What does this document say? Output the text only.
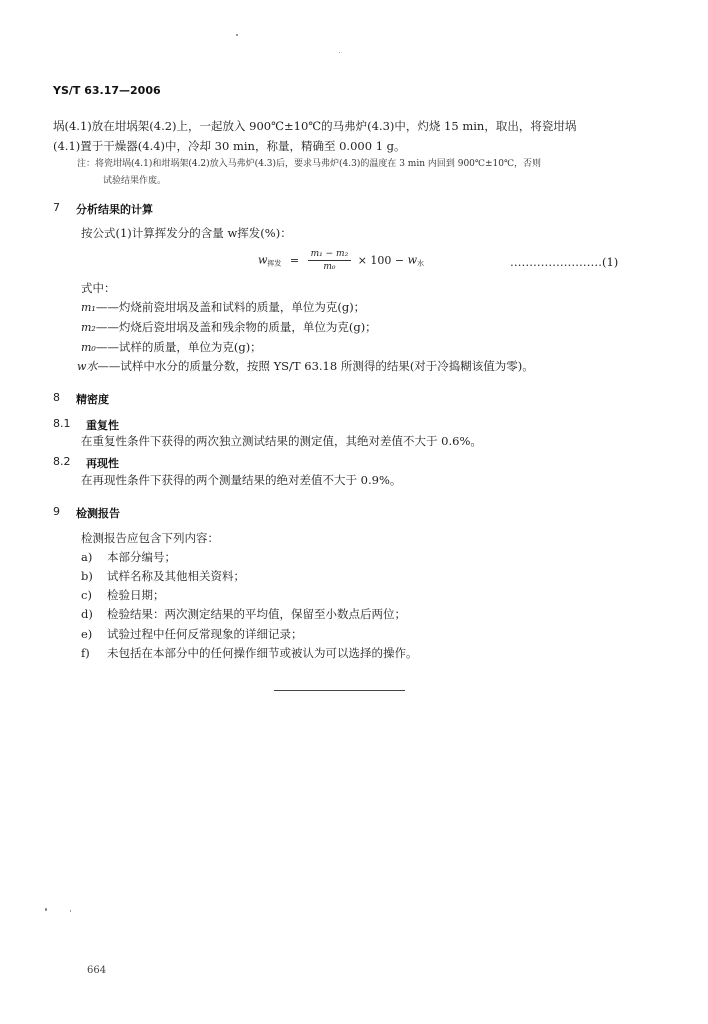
YS/T 63.17—2006
埚(4.1)放在坩埚架(4.2)上，一起放入 900℃±10℃的马弗炉(4.3)中，灼烧 15 min，取出，将瓷坩埚
(4.1)置于干燥器(4.4)中，冷却 30 min，称量，精确至 0.000 1 g。
注：将瓷坩埚(4.1)和坩埚架(4.2)放入马弗炉(4.3)后，要求马弗炉(4.3)的温度在 3 min 内回到 900℃±10℃，否则
试验结果作废。
7 分析结果的计算
按公式(1)计算挥发分的含量 w挥发(%)：
$w_{挥发} = \frac{\text{m₁ − m₂}}{\text{m₀}} \times 100 - w_水$	……………………(1)
式中：
m₁——灼烧前瓷坩埚及盖和试料的质量，单位为克(g)；
m₂——灼烧后瓷坩埚及盖和残余物的质量，单位为克(g)；
m₀——试样的质量，单位为克(g)；
w水——试样中水分的质量分数，按照 YS/T 63.18 所测得的结果(对于冷捣糊该值为零)。
8 精密度
8.1 重复性
在重复性条件下获得的两次独立测试结果的测定值，其绝对差值不大于 0.6%。
8.2 再现性
在再现性条件下获得的两个测量结果的绝对差值不大于 0.9%。
9 检测报告
检测报告应包含下列内容：
a) 本部分编号；
b) 试样名称及其他相关资料；
c) 检验日期；
d) 检验结果：两次测定结果的平均值，保留至小数点后两位；
e) 试验过程中任何反常现象的详细记录；
f) 未包括在本部分中的任何操作细节或被认为可以选择的操作。
664
